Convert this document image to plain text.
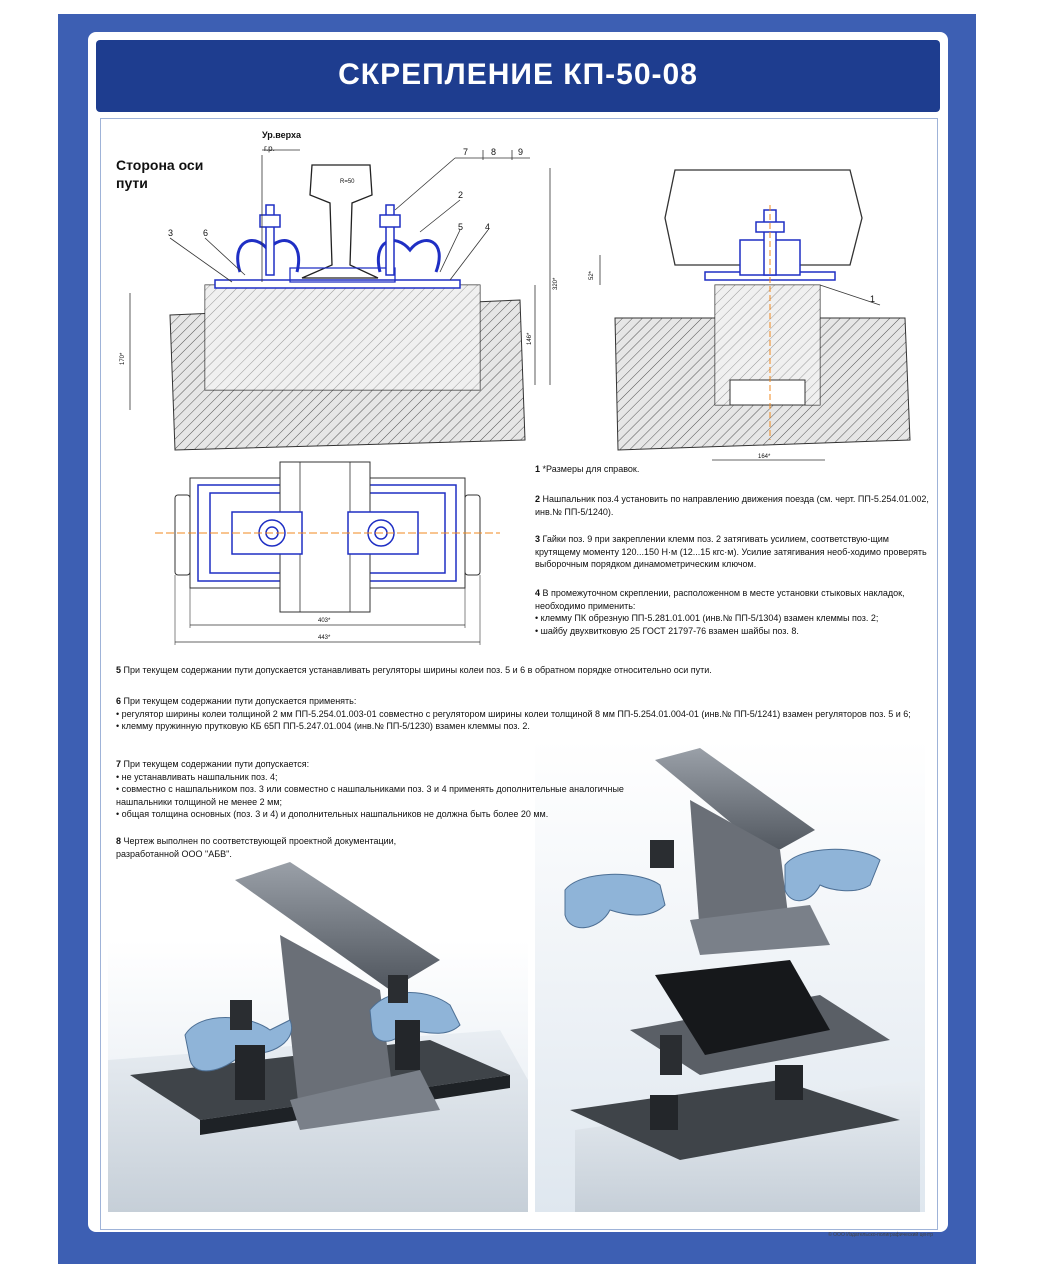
СКРЕПЛЕНИЕ КП-50-08
Сторона оси
пути
Ур.верха
г.р.
R=50
7	8 9
2
5 4
3	6
170*
320*
146*
52*
164*
1
403*
443*

1 *Размеры для справок.

2 Нашпальник поз.4 установить по направлению движения поезда (см. черт. ПП-5.254.01.002, инв.№ ПП-5/1240).

3 Гайки поз. 9 при закреплении клемм поз. 2 затягивать усилием, соответствую-щим крутящему моменту 120...150 Н·м (12...15 кгс·м). Усилие затягивания необ-ходимо проверять выборочным порядком динамометрическим ключом.

4 В промежуточном скреплении, расположенном в месте установки стыковых накладок, необходимо применить:

• клемму ПК обрезную ПП-5.281.01.001 (инв.№ ПП-5/1304) взамен клеммы поз. 2;

• шайбу двухвитковую 25 ГОСТ 21797-76 взамен шайбы поз. 8.

5 При текущем содержании пути допускается устанавливать регуляторы ширины колеи поз. 5 и 6 в обратном порядке относительно оси пути.

6 При текущем содержании пути допускается применять:

• регулятор ширины колеи толщиной 2 мм ПП-5.254.01.003-01 совместно с регулятором ширины колеи толщиной 8 мм ПП-5.254.01.004-01 (инв.№ ПП-5/1241) взамен регуляторов поз. 5 и 6;

• клемму пружинную прутковую КБ 65П ПП-5.247.01.004 (инв.№ ПП-5/1230) взамен клеммы поз. 2.

7 При текущем содержании пути допускается:

• не устанавливать нашпальник поз. 4;

• совместно с нашпальником поз. 3 или совместно с нашпальниками поз. 3 и 4 применять дополнительные аналогичные нашпальники толщиной не менее 2 мм;

• общая толщина основных (поз. 3 и 4) и дополнительных нашпальников не должна быть более 20 мм.

8 Чертеж выполнен по соответствующей проектной документации, разработанной ООО "АБВ".

© ООО Издательско-полиграфический центр
